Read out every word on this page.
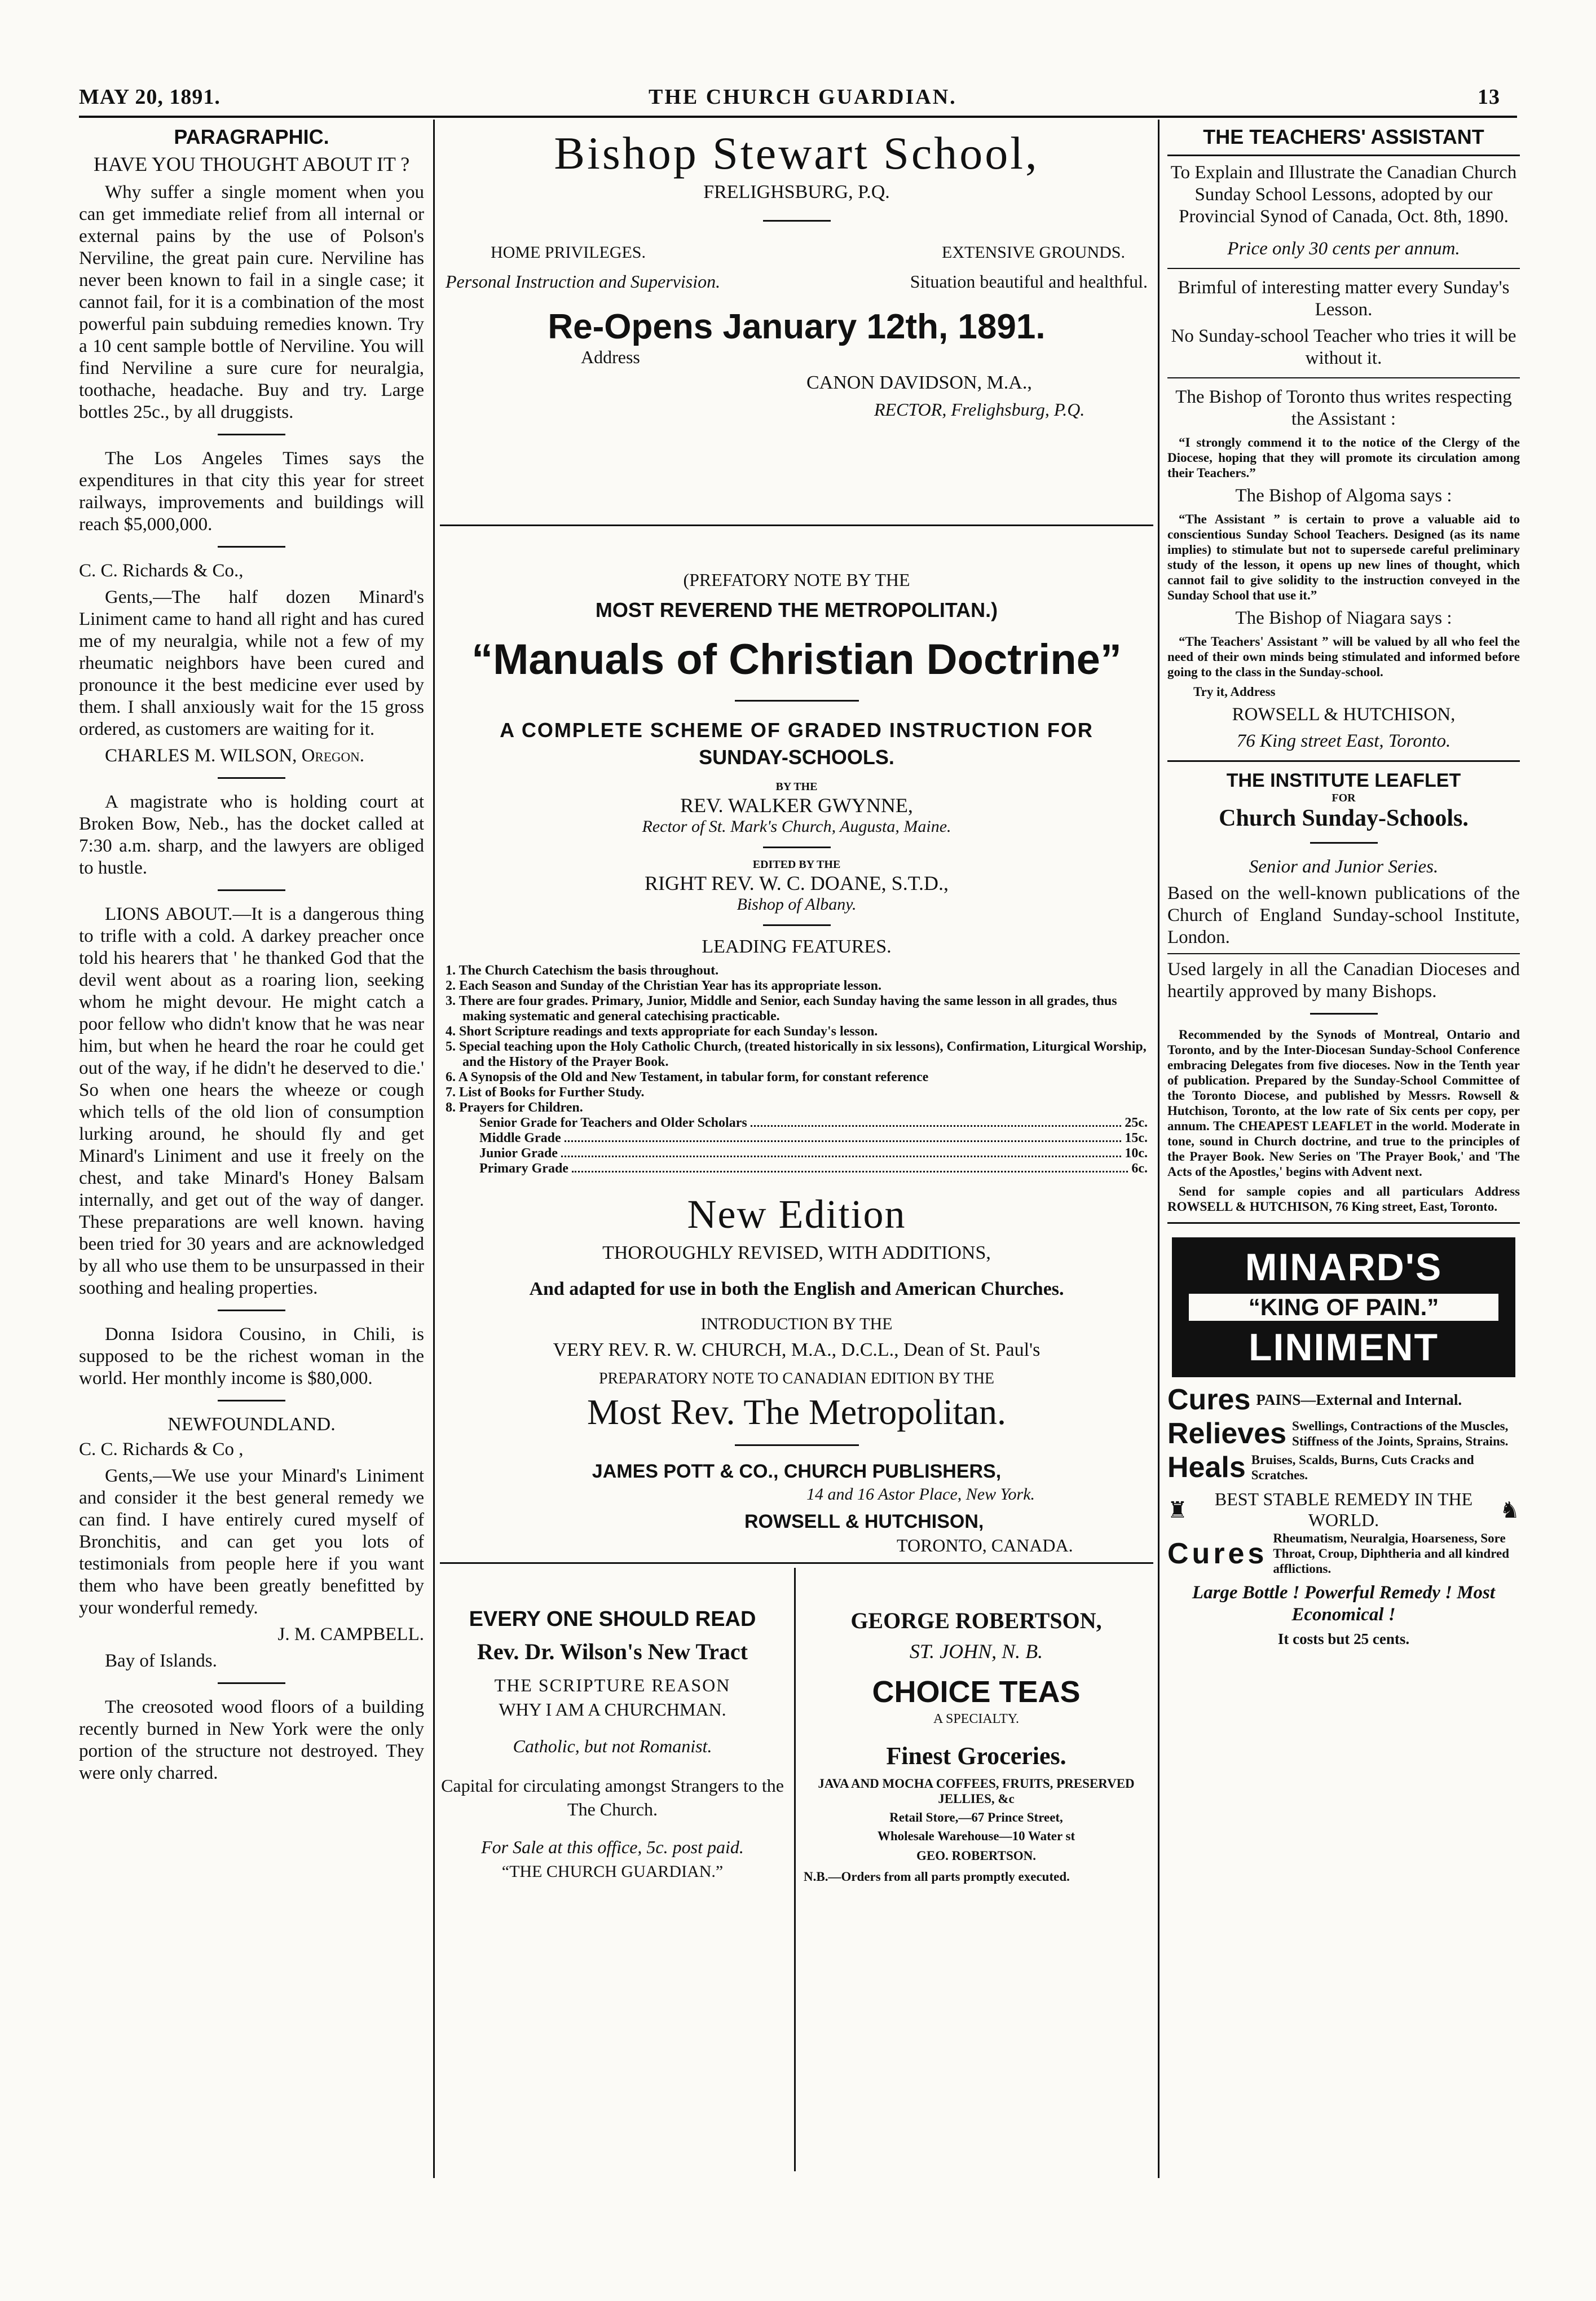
MAY 20, 1891.	THE CHURCH GUARDIAN.	13
PARAGRAPHIC.
HAVE YOU THOUGHT ABOUT IT ?

Why suffer a single moment when you can get immediate relief from all internal or external pains by the use of Polson's Nerviline, the great pain cure. Nerviline has never been known to fail in a single case; it cannot fail, for it is a combination of the most powerful pain subduing remedies known. Try a 10 cent sample bottle of Nerviline. You will find Nerviline a sure cure for neuralgia, toothache, headache. Buy and try. Large bottles 25c., by all druggists.

The Los Angeles Times says the expenditures in that city this year for street railways, improvements and buildings will reach $5,000,000.

C. C. Richards & Co.,

Gents,—The half dozen Minard's Liniment came to hand all right and has cured me of my neuralgia, while not a few of my rheumatic neighbors have been cured and pronounce it the best medicine ever used by them. I shall anxiously wait for the 15 gross ordered, as customers are waiting for it.

CHARLES M. WILSON, Oregon.

A magistrate who is holding court at Broken Bow, Neb., has the docket called at 7:30 a.m. sharp, and the lawyers are obliged to hustle.

LIONS ABOUT.—It is a dangerous thing to trifle with a cold. A darkey preacher once told his hearers that ' he thanked God that the devil went about as a roaring lion, seeking whom he might devour. He might catch a poor fellow who didn't know that he was near him, but when he heard the roar he could get out of the way, if he didn't he deserved to die.' So when one hears the wheeze or cough which tells of the old lion of consumption lurking around, he should fly and get Minard's Liniment and use it freely on the chest, and take Minard's Honey Balsam internally, and get out of the way of danger. These preparations are well known. having been tried for 30 years and are acknowledged by all who use them to be unsurpassed in their soothing and healing properties.

Donna Isidora Cousino, in Chili, is supposed to be the richest woman in the world. Her monthly income is $80,000.

NEWFOUNDLAND.

C. C. Richards & Co ,

Gents,—We use your Minard's Liniment and consider it the best general remedy we can find. I have entirely cured myself of Bronchitis, and can get you lots of testimonials from people here if you want them who have been greatly benefitted by your wonderful remedy.

J. M. CAMPBELL.

Bay of Islands.

The creosoted wood floors of a building recently burned in New York were the only portion of the structure not destroyed. They were only charred.

Bishop Stewart School,
FRELIGHSBURG, P.Q.
HOME PRIVILEGES.	EXTENSIVE GROUNDS.
Personal Instruction and Supervision.	Situation beautiful and healthful.
Re-Opens January 12th, 1891.
Address
CANON DAVIDSON, M.A.,
RECTOR, Frelighsburg, P.Q.
(PREFATORY NOTE BY THE
MOST REVEREND THE METROPOLITAN.)
“Manuals of Christian Doctrine”
A COMPLETE SCHEME OF GRADED INSTRUCTION FOR
SUNDAY-SCHOOLS.
BY THE
REV. WALKER GWYNNE,
Rector of St. Mark's Church, Augusta, Maine.
EDITED BY THE
RIGHT REV. W. C. DOANE, S.T.D.,
Bishop of Albany.
LEADING FEATURES.

1. The Church Catechism the basis throughout.

2. Each Season and Sunday of the Christian Year has its appropriate lesson.

3. There are four grades. Primary, Junior, Middle and Senior, each Sunday having the same lesson in all grades, thus making systematic and general catechising practicable.

4. Short Scripture readings and texts appropriate for each Sunday's lesson.

5. Special teaching upon the Holy Catholic Church, (treated historically in six lessons), Confirmation, Liturgical Worship, and the History of the Prayer Book.

6. A Synopsis of the Old and New Testament, in tabular form, for constant reference

7. List of Books for Further Study.

8. Prayers for Children.

Senior Grade for Teachers and Older Scholars	25c.
Middle Grade	15c.
Junior Grade	10c.
Primary Grade	6c.
New Edition
THOROUGHLY REVISED, WITH ADDITIONS,
And adapted for use in both the English and American Churches.
INTRODUCTION BY THE
VERY REV. R. W. CHURCH, M.A., D.C.L., Dean of St. Paul's
PREPARATORY NOTE TO CANADIAN EDITION BY THE
Most Rev. The Metropolitan.
JAMES POTT & CO., CHURCH PUBLISHERS,
14 and 16 Astor Place, New York.
ROWSELL & HUTCHISON,
TORONTO, CANADA.
EVERY ONE SHOULD READ
Rev. Dr. Wilson's New Tract
THE SCRIPTURE REASON
WHY I AM A CHURCHMAN.
Catholic, but not Romanist.
Capital for circulating amongst Strangers to the The Church.
For Sale at this office, 5c. post paid.
“THE CHURCH GUARDIAN.”
GEORGE ROBERTSON,
ST. JOHN, N. B.
CHOICE TEAS
A SPECIALTY.
Finest Groceries.
JAVA AND MOCHA COFFEES, FRUITS, PRESERVED JELLIES, &c
Retail Store,—67 Prince Street,
Wholesale Warehouse—10 Water st
GEO. ROBERTSON.
N.B.—Orders from all parts promptly executed.
THE TEACHERS' ASSISTANT

To Explain and Illustrate the Canadian Church Sunday School Lessons, adopted by our Provincial Synod of Canada, Oct. 8th, 1890.

Price only 30 cents per annum.

Brimful of interesting matter every Sunday's Lesson.

No Sunday-school Teacher who tries it will be without it.

The Bishop of Toronto thus writes respecting the Assistant :

“I strongly commend it to the notice of the Clergy of the Diocese, hoping that they will promote its circulation among their Teachers.”

The Bishop of Algoma says :

“The Assistant ” is certain to prove a valuable aid to conscientious Sunday School Teachers. Designed (as its name implies) to stimulate but not to supersede careful preliminary study of the lesson, it opens up new lines of thought, which cannot fail to give solidity to the instruction conveyed in the Sunday School that use it.”

The Bishop of Niagara says :

“The Teachers' Assistant ” will be valued by all who feel the need of their own minds being stimulated and informed before going to the class in the Sunday-school.

Try it, Address

ROWSELL & HUTCHISON,

76 King street East, Toronto.

THE INSTITUTE LEAFLET
FOR
Church Sunday-Schools.

Senior and Junior Series.

Based on the well-known publications of the Church of England Sunday-school Institute, London.

Used largely in all the Canadian Dioceses and heartily approved by many Bishops.

Recommended by the Synods of Montreal, Ontario and Toronto, and by the Inter-Diocesan Sunday-School Conference embracing Delegates from five dioceses. Now in the Tenth year of publication. Prepared by the Sunday-School Committee of the Toronto Diocese, and published by Messrs. Rowsell & Hutchison, Toronto, at the low rate of Six cents per copy, per annum. The CHEAPEST LEAFLET in the world. Moderate in tone, sound in Church doctrine, and true to the principles of the Prayer Book. New Series on 'The Prayer Book,' and 'The Acts of the Apostles,' begins with Advent next.

Send for sample copies and all particulars Address ROWSELL & HUTCHISON, 76 King street, East, Toronto.

MINARD'S
“KING OF PAIN.”
LINIMENT
Cures PAINS—External and Internal.
Relieves Swellings, Contractions of the Muscles, Stiffness of the Joints, Sprains, Strains.
Heals Bruises, Scalds, Burns, Cuts Cracks and Scratches.
♜ BEST STABLE REMEDY IN THE WORLD.	♞
Cures Rheumatism, Neuralgia, Hoarseness, Sore Throat, Croup, Diphtheria and all kindred afflictions.

Large Bottle ! Powerful Remedy ! Most Economical !

It costs but 25 cents.
